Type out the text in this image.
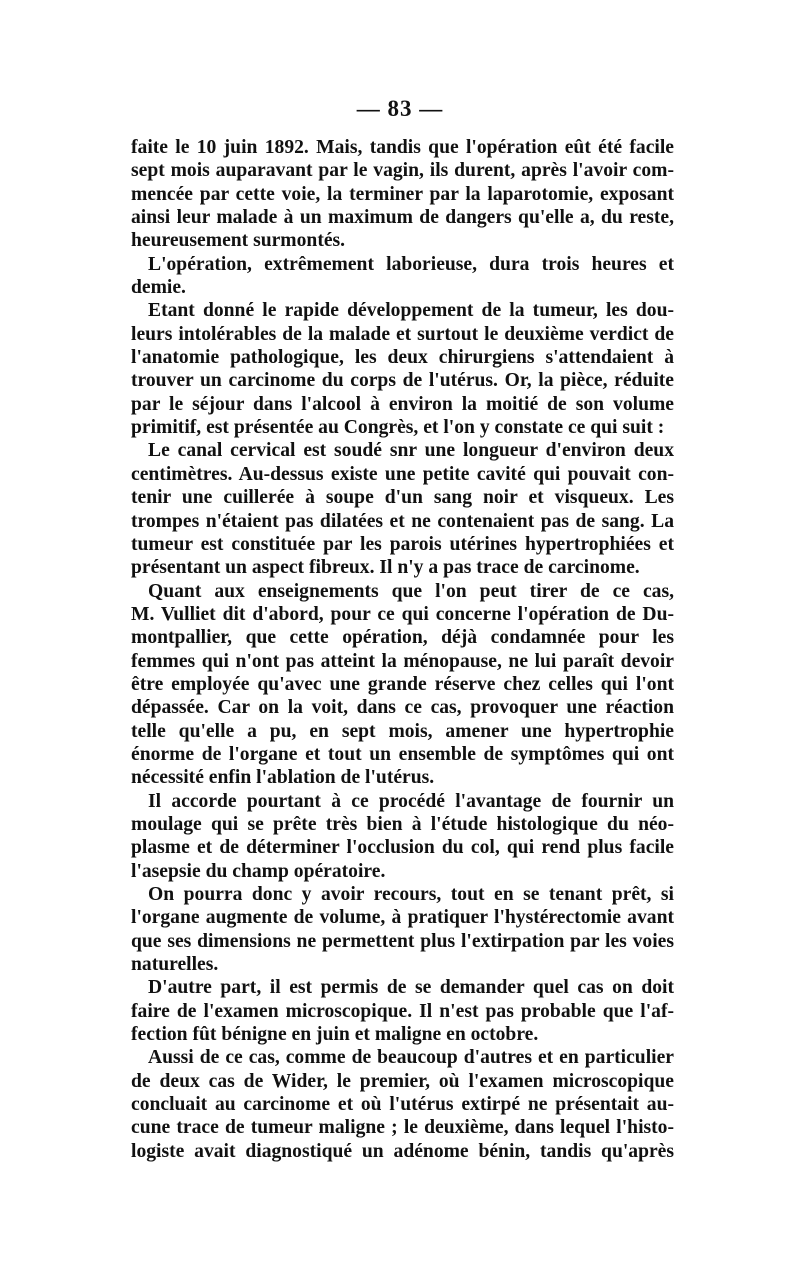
— 83 —
faite le 10 juin 1892. Mais, tandis que l'opération eût été facile
sept mois auparavant par le vagin, ils durent, après l'avoir com-
mencée par cette voie, la terminer par la laparotomie, exposant
ainsi leur malade à un maximum de dangers qu'elle a, du reste,
heureusement surmontés.
L'opération, extrêmement laborieuse, dura trois heures et
demie.
Etant donné le rapide développement de la tumeur, les dou-
leurs intolérables de la malade et surtout le deuxième verdict de
l'anatomie pathologique, les deux chirurgiens s'attendaient à
trouver un carcinome du corps de l'utérus. Or, la pièce, réduite
par le séjour dans l'alcool à environ la moitié de son volume
primitif, est présentée au Congrès, et l'on y constate ce qui suit :
Le canal cervical est soudé snr une longueur d'environ deux
centimètres. Au-dessus existe une petite cavité qui pouvait con-
tenir une cuillerée à soupe d'un sang noir et visqueux. Les
trompes n'étaient pas dilatées et ne contenaient pas de sang. La
tumeur est constituée par les parois utérines hypertrophiées et
présentant un aspect fibreux. Il n'y a pas trace de carcinome.
Quant aux enseignements que l'on peut tirer de ce cas,
M. Vulliet dit d'abord, pour ce qui concerne l'opération de Du-
montpallier, que cette opération, déjà condamnée pour les
femmes qui n'ont pas atteint la ménopause, ne lui paraît devoir
être employée qu'avec une grande réserve chez celles qui l'ont
dépassée. Car on la voit, dans ce cas, provoquer une réaction
telle qu'elle a pu, en sept mois, amener une hypertrophie
énorme de l'organe et tout un ensemble de symptômes qui ont
nécessité enfin l'ablation de l'utérus.
Il accorde pourtant à ce procédé l'avantage de fournir un
moulage qui se prête très bien à l'étude histologique du néo-
plasme et de déterminer l'occlusion du col, qui rend plus facile
l'asepsie du champ opératoire.
On pourra donc y avoir recours, tout en se tenant prêt, si
l'organe augmente de volume, à pratiquer l'hystérectomie avant
que ses dimensions ne permettent plus l'extirpation par les voies
naturelles.
D'autre part, il est permis de se demander quel cas on doit
faire de l'examen microscopique. Il n'est pas probable que l'af-
fection fût bénigne en juin et maligne en octobre.
Aussi de ce cas, comme de beaucoup d'autres et en particulier
de deux cas de Wider, le premier, où l'examen microscopique
concluait au carcinome et où l'utérus extirpé ne présentait au-
cune trace de tumeur maligne ; le deuxième, dans lequel l'histo-
logiste avait diagnostiqué un adénome bénin, tandis qu'après
